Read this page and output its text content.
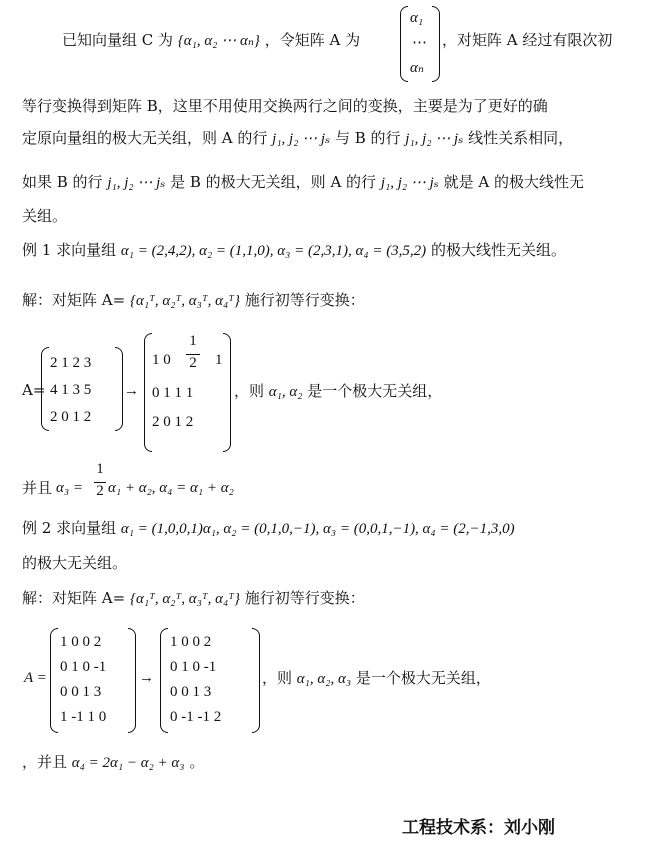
已知向量组 C 为 {α₁, α₂ ⋯ αₙ} ，令矩阵 A 为
α₁
⋯
αₙ
，对矩阵 A 经过有限次初
等行变换得到矩阵 B，这里不用使用交换两行之间的变换，主要是为了更好的确
定原向量组的极大无关组，则 A 的行 j₁, j₂ ⋯ jₛ 与 B 的行 j₁, j₂ ⋯ jₛ 线性关系相同，
如果 B 的行 j₁, j₂ ⋯ jₛ 是 B 的极大无关组，则 A 的行 j₁, j₂ ⋯ jₛ 就是 A 的极大线性无
关组。
例 1 求向量组 α₁ = (2,4,2), α₂ = (1,1,0), α₃ = (2,3,1), α₄ = (3,5,2) 的极大线性无关组。
解：对矩阵 A= {α₁ᵀ, α₂ᵀ, α₃ᵀ, α₄ᵀ} 施行初等行变换：
A=
2 1 2 3
4 1 3 5
2 0 1 2
→
1 0
1
2 1
0 1 1 1
2 0 1 2
，则 α₁, α₂ 是一个极大无关组，
并且 α₃ =
1
2 α₁ + α₂, α₄ = α₁ + α₂
例 2 求向量组 α₁ = (1,0,0,1)α₁, α₂ = (0,1,0,−1), α₃ = (0,0,1,−1), α₄ = (2,−1,3,0)
的极大无关组。
解：对矩阵 A= {α₁ᵀ, α₂ᵀ, α₃ᵀ, α₄ᵀ} 施行初等行变换：
A =
1 0 0 2
0 1 0 -1
0 0 1 3
1 -1 1 0
→
1 0 0 2
0 1 0 -1
0 0 1 3
0 -1 -1 2
，则 α₁, α₂, α₃ 是一个极大无关组，
，并且 α₄ = 2α₁ − α₂ + α₃ 。
工程技术系：刘小刚
